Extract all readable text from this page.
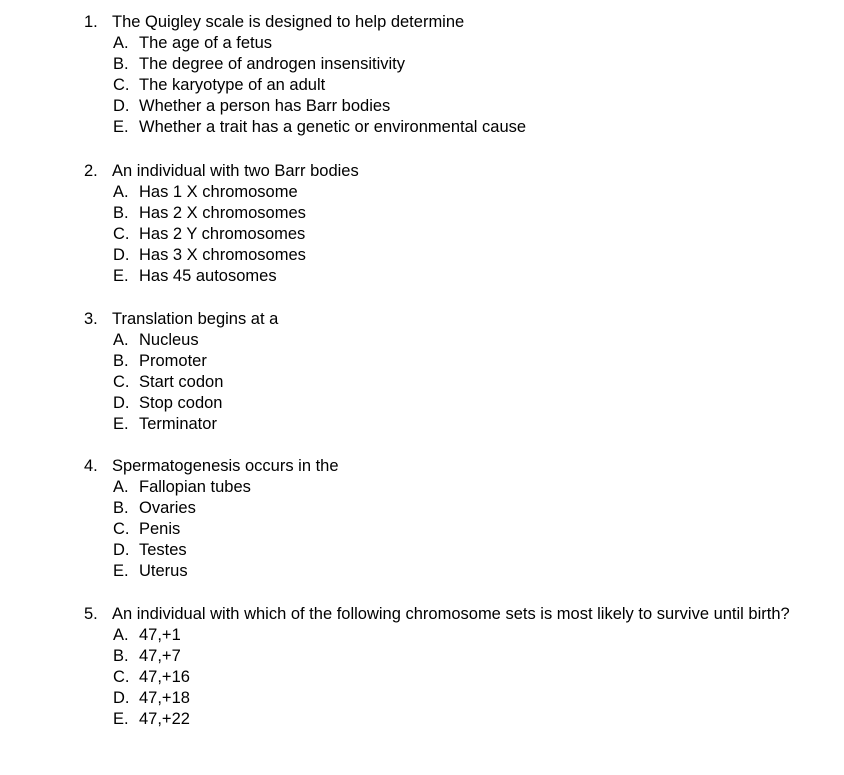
1. The Quigley scale is designed to help determine
A. The age of a fetus
B. The degree of androgen insensitivity
C. The karyotype of an adult
D. Whether a person has Barr bodies
E. Whether a trait has a genetic or environmental cause
2. An individual with two Barr bodies
A. Has 1 X chromosome
B. Has 2 X chromosomes
C. Has 2 Y chromosomes
D. Has 3 X chromosomes
E. Has 45 autosomes
3. Translation begins at a
A. Nucleus
B. Promoter
C. Start codon
D. Stop codon
E. Terminator
4. Spermatogenesis occurs in the
A. Fallopian tubes
B. Ovaries
C. Penis
D. Testes
E. Uterus
5. An individual with which of the following chromosome sets is most likely to survive until birth?
A. 47,+1
B. 47,+7
C. 47,+16
D. 47,+18
E. 47,+22
